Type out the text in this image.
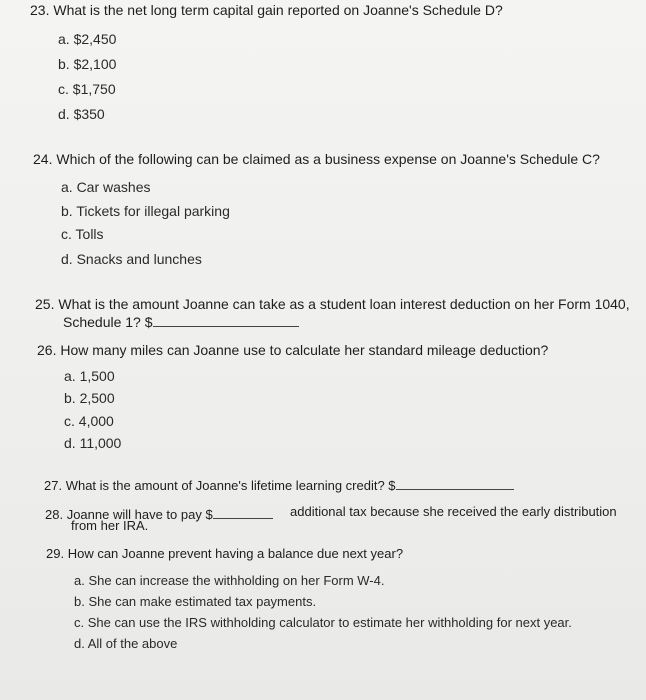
23. What is the net long term capital gain reported on Joanne's Schedule D?
a. $2,450
b. $2,100
c. $1,750
d. $350
24. Which of the following can be claimed as a business expense on Joanne's Schedule C?
a. Car washes
b. Tickets for illegal parking
c. Tolls
d. Snacks and lunches
25. What is the amount Joanne can take as a student loan interest deduction on her Form 1040,
Schedule 1? $
26. How many miles can Joanne use to calculate her standard mileage deduction?
a. 1,500
b. 2,500
c. 4,000
d. 11,000
27. What is the amount of Joanne's lifetime learning credit? $
28. Joanne will have to pay $	additional tax because she received the early distribution
from her IRA.
29. How can Joanne prevent having a balance due next year?
a. She can increase the withholding on her Form W-4.
b. She can make estimated tax payments.
c. She can use the IRS withholding calculator to estimate her withholding for next year.
d. All of the above
